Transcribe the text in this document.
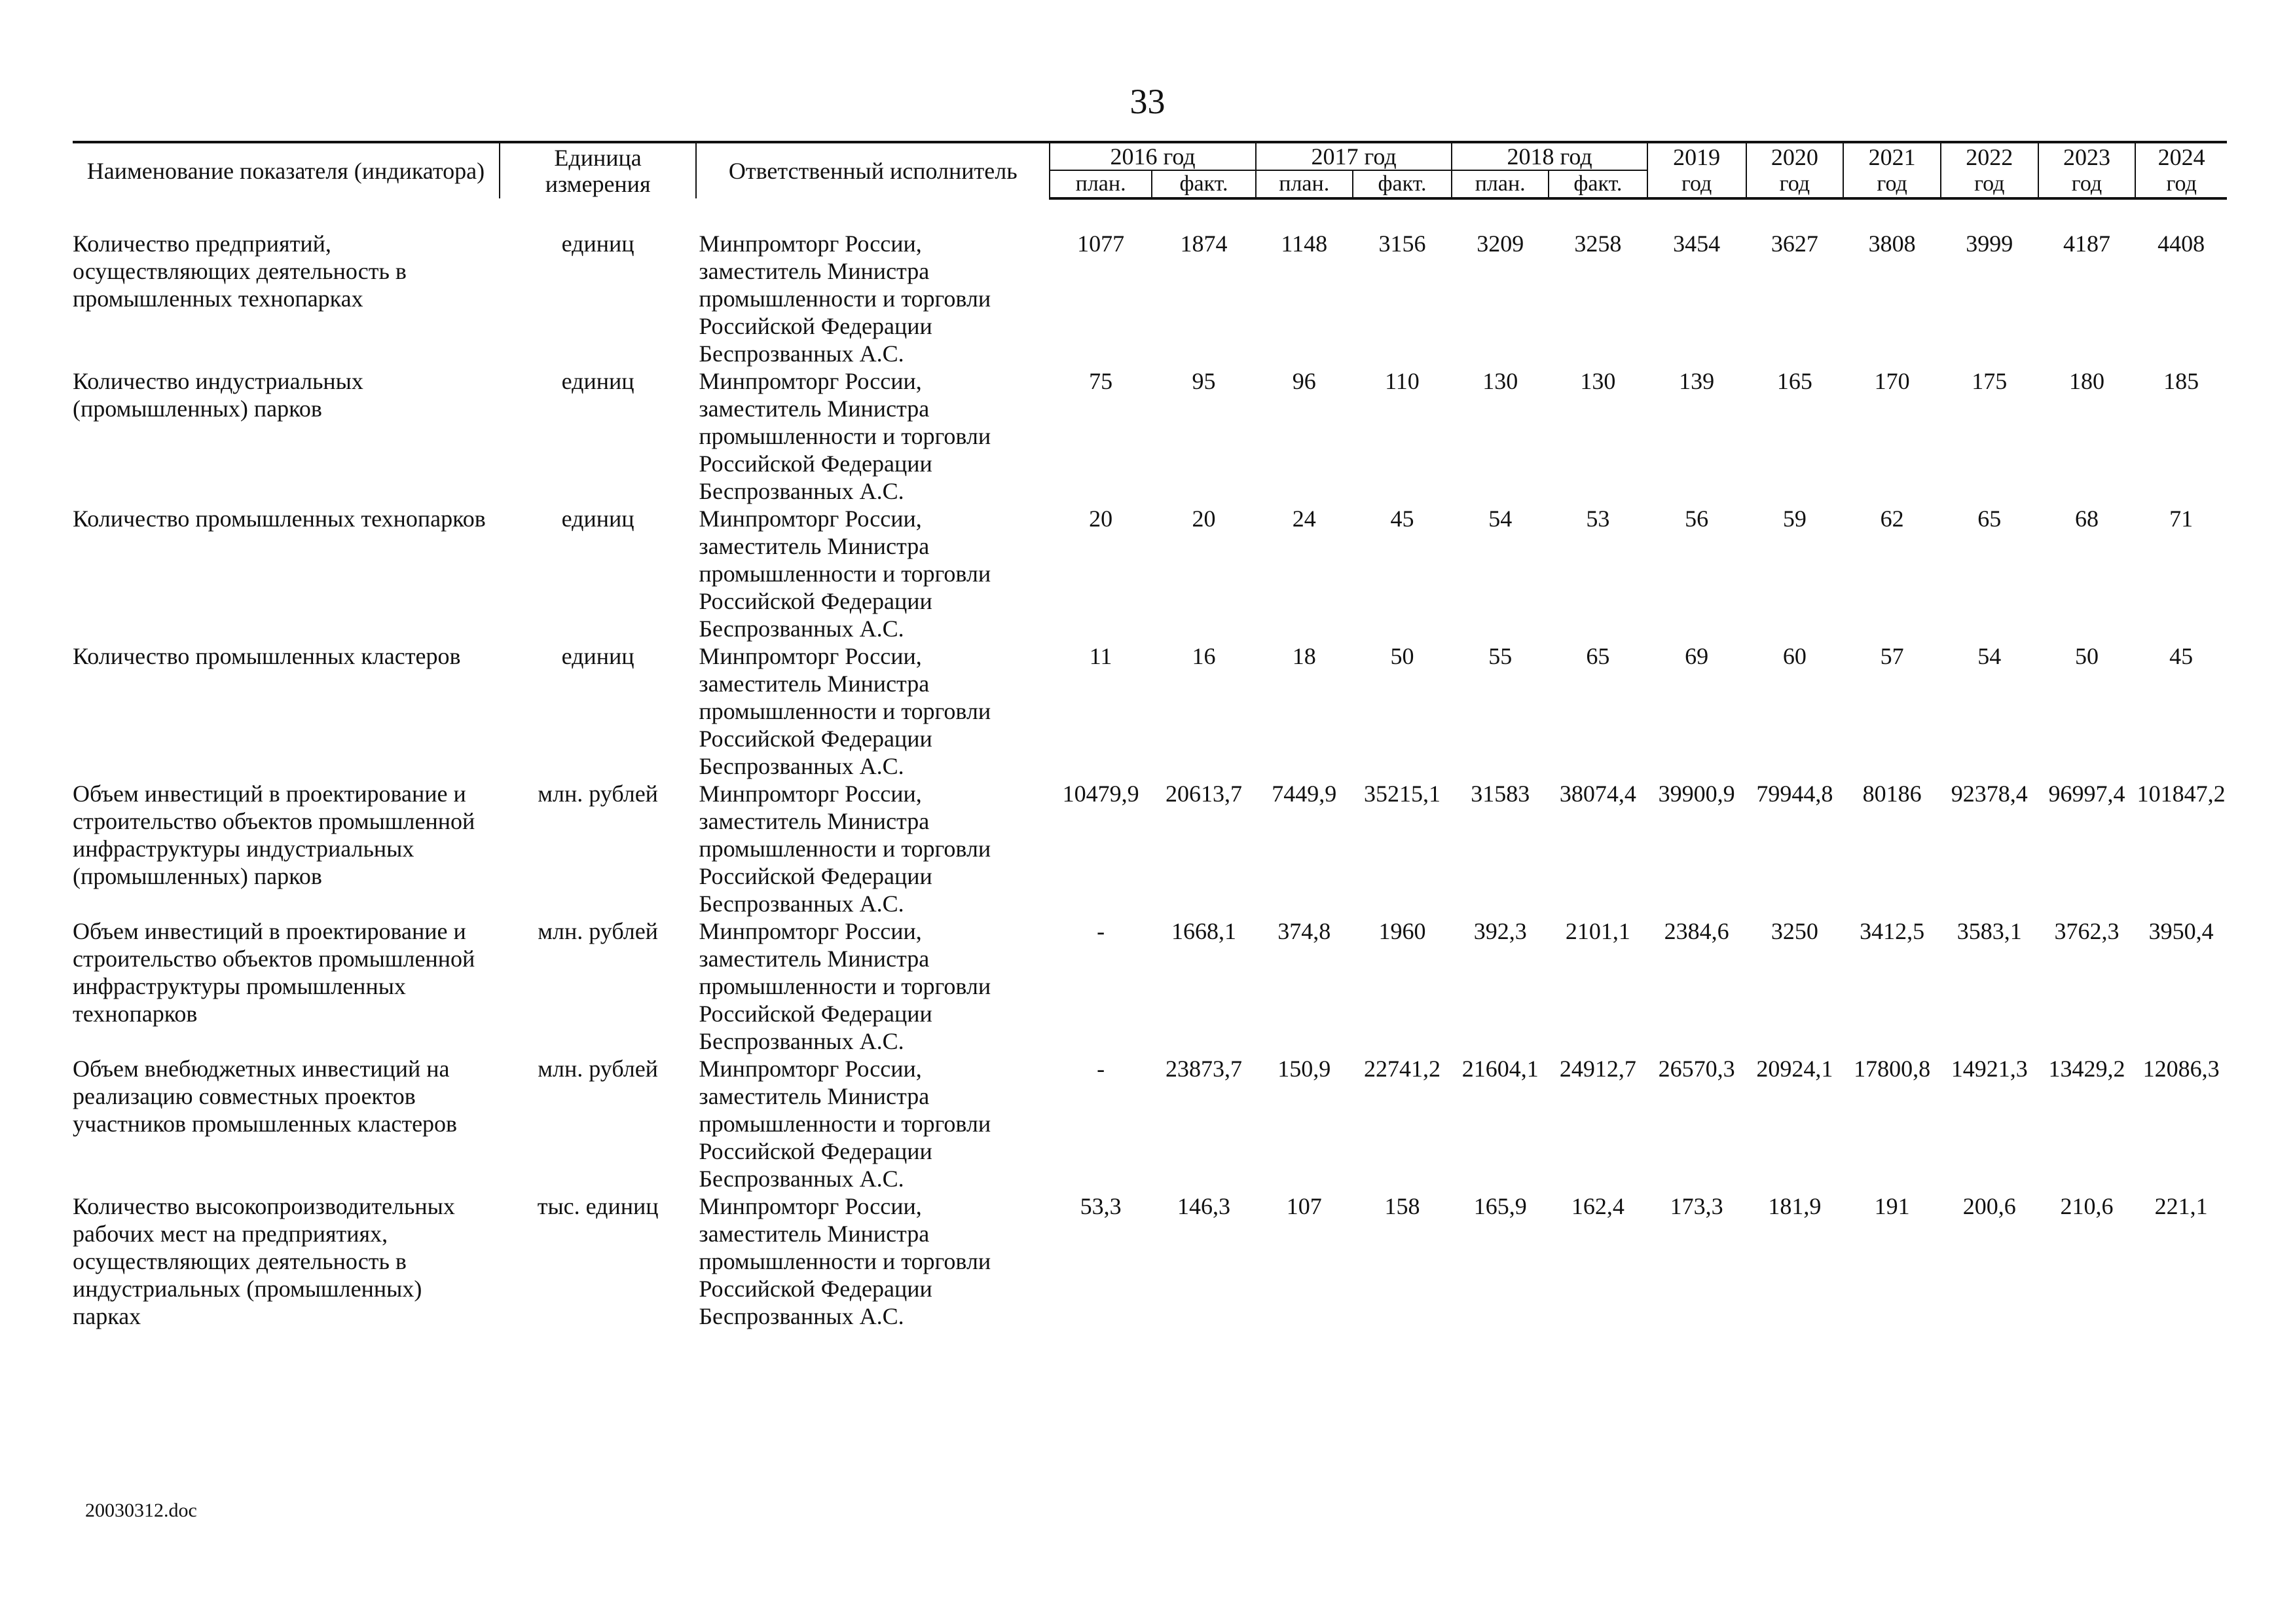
33
Наименование показателя (индикатора)	Единица измерения	Ответственный исполнитель	2016 год		2017 год		2018 год		2019	2020	2021	2022	2023	2024
			план.	факт.	план.	факт.	план.	факт.	год	год	год	год	год	год

Количество предприятий, осуществляющих деятельность в промышленных технопарках	единиц	Минпромторг России, заместитель Министра промышленности и торговли Российской Федерации Беспрозванных А.С.	1077	1874	1148	3156	3209	3258	3454	3627	3808	3999	4187	4408
Количество индустриальных (промышленных) парков	единиц	Минпромторг России, заместитель Министра промышленности и торговли Российской Федерации Беспрозванных А.С.	75	95	96	110	130	130	139	165	170	175	180	185
Количество промышленных технопарков	единиц	Минпромторг России, заместитель Министра промышленности и торговли Российской Федерации Беспрозванных А.С.	20	20	24	45	54	53	56	59	62	65	68	71
Количество промышленных кластеров	единиц	Минпромторг России, заместитель Министра промышленности и торговли Российской Федерации Беспрозванных А.С.	11	16	18	50	55	65	69	60	57	54	50	45
Объем инвестиций в проектирование и строительство объектов промышленной инфраструктуры индустриальных (промышленных) парков	млн. рублей	Минпромторг России, заместитель Министра промышленности и торговли Российской Федерации Беспрозванных А.С.	10479,9	20613,7	7449,9	35215,1	31583	38074,4	39900,9	79944,8	80186	92378,4	96997,4	101847,2
Объем инвестиций в проектирование и строительство объектов промышленной инфраструктуры промышленных технопарков	млн. рублей	Минпромторг России, заместитель Министра промышленности и торговли Российской Федерации Беспрозванных А.С.	-	1668,1	374,8	1960	392,3	2101,1	2384,6	3250	3412,5	3583,1	3762,3	3950,4
Объем внебюджетных инвестиций на реализацию совместных проектов участников промышленных кластеров	млн. рублей	Минпромторг России, заместитель Министра промышленности и торговли Российской Федерации Беспрозванных А.С.	-	23873,7	150,9	22741,2	21604,1	24912,7	26570,3	20924,1	17800,8	14921,3	13429,2	12086,3
Количество высокопроизводительных рабочих мест на предприятиях, осуществляющих деятельность в индустриальных (промышленных) парках	тыс. единиц	Минпромторг России, заместитель Министра промышленности и торговли Российской Федерации Беспрозванных А.С.	53,3	146,3	107	158	165,9	162,4	173,3	181,9	191	200,6	210,6	221,1
20030312.doc
